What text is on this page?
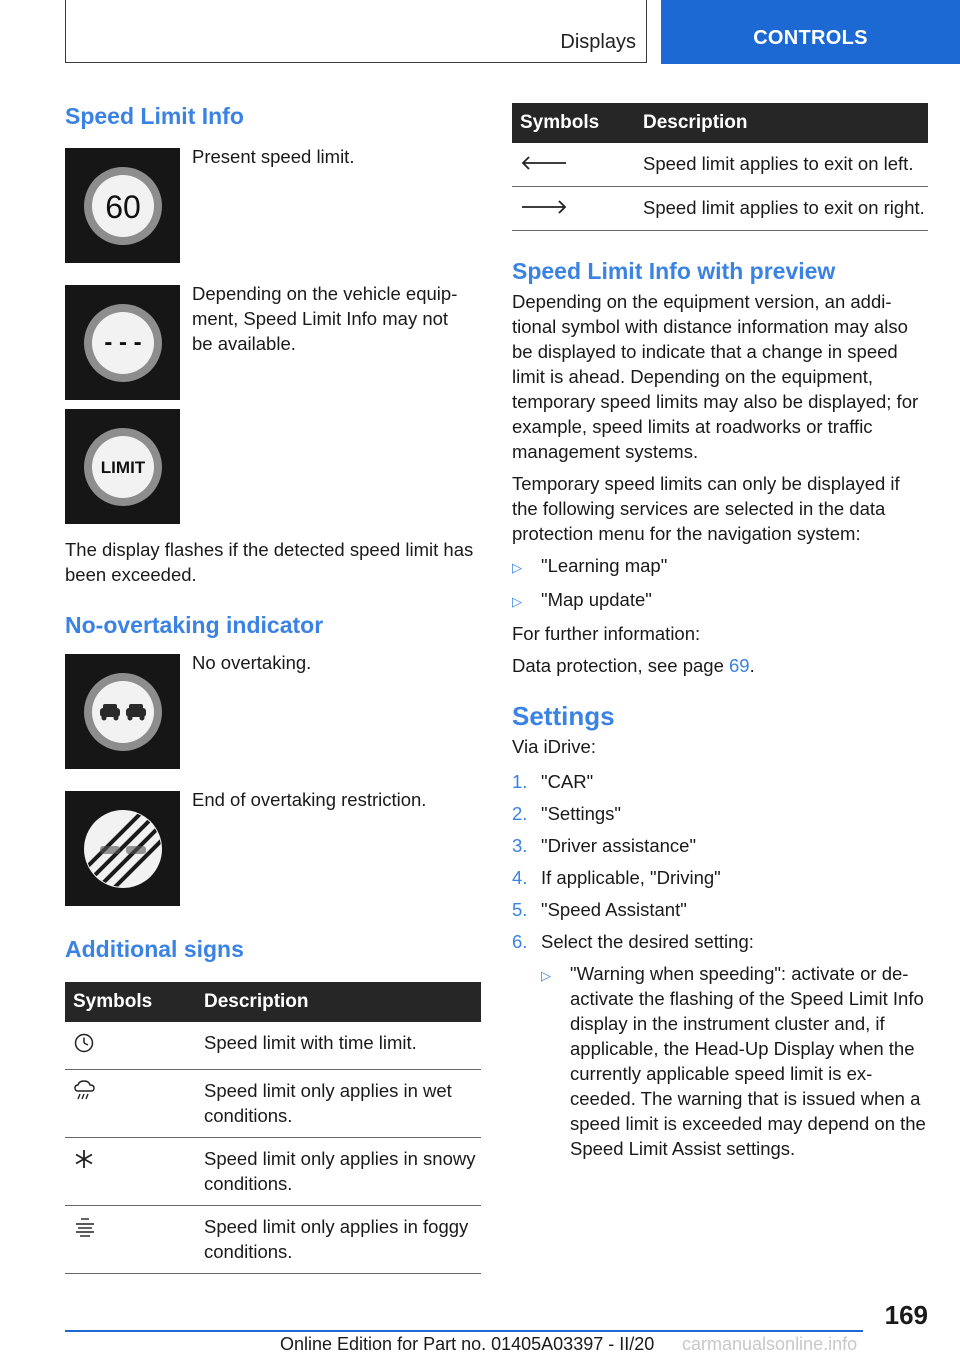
Displays	CONTROLS
Speed Limit Info
60
Present speed limit.
- - -
Depending on the vehicle equipment, Speed Limit Info may not be available.
LIMIT

The display flashes if the detected speed limit has been exceeded.

No-overtaking indicator
No overtaking.
End of overtaking restriction.
Additional signs
Symbols	Description
	Speed limit with time limit.
	Speed limit only applies in wet conditions.
	Speed limit only applies in snowy conditions.
	Speed limit only applies in foggy conditions.
Symbols	Description
	Speed limit applies to exit on left.
	Speed limit applies to exit on right.
Speed Limit Info with preview

Depending on the equipment version, an additional symbol with distance information may also be displayed to indicate that a change in speed limit is ahead. Depending on the equipment, temporary speed limits may also be displayed; for example, speed limits at roadworks or traffic management systems.

Temporary speed limits can only be displayed if the following services are selected in the data protection menu for the navigation system:

▷	"Learning map"
▷	"Map update"

For further information:

Data protection, see page 69.

Settings

Via iDrive:

1. "CAR"
2. "Settings"
3. "Driver assistance"
4. If applicable, "Driving"
5. "Speed Assistant"
6. Select the desired setting:
▷	"Warning when speeding": activate or deactivate the flashing of the Speed Limit Info display in the instrument cluster and, if applicable, the Head-Up Display when the currently applicable speed limit is exceeded. The warning that is issued when a speed limit is exceeded may depend on the Speed Limit Assist settings.
169
Online Edition for Part no. 01405A03397 - II/20 carmanualsonline.info
